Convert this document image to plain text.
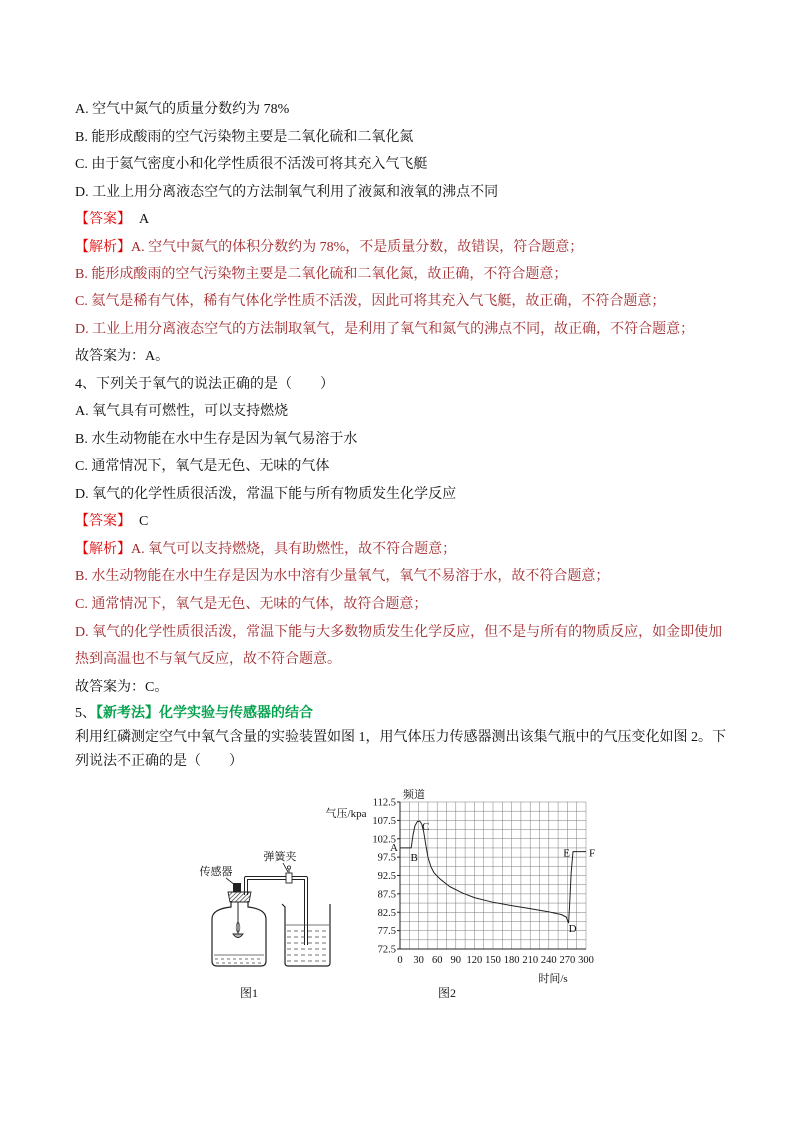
A. 空气中氮气的质量分数约为 78%
B. 能形成酸雨的空气污染物主要是二氧化硫和二氧化氮
C. 由于氦气密度小和化学性质很不活泼可将其充入气飞艇
D. 工业上用分离液态空气的方法制氧气利用了液氮和液氧的沸点不同
【答案】 A
【解析】A. 空气中氮气的体积分数约为 78%，不是质量分数，故错误，符合题意；
B. 能形成酸雨的空气污染物主要是二氧化硫和二氧化氮，故正确，不符合题意；
C. 氦气是稀有气体，稀有气体化学性质不活泼，因此可将其充入气飞艇，故正确，不符合题意；
D. 工业上用分离液态空气的方法制取氧气，是利用了氧气和氮气的沸点不同，故正确，不符合题意；
故答案为：A。
4、下列关于氧气的说法正确的是（　　）
A. 氧气具有可燃性，可以支持燃烧
B. 水生动物能在水中生存是因为氧气易溶于水
C. 通常情况下，氧气是无色、无味的气体
D. 氧气的化学性质很活泼，常温下能与所有物质发生化学反应
【答案】 C
【解析】A. 氧气可以支持燃烧，具有助燃性，故不符合题意；
B. 水生动物能在水中生存是因为水中溶有少量氧气，氧气不易溶于水，故不符合题意；
C. 通常情况下，氧气是无色、无味的气体，故符合题意；
D. 氧气的化学性质很活泼，常温下能与大多数物质发生化学反应，但不是与所有的物质反应，如金即使加
热到高温也不与氧气反应，故不符合题意。
故答案为：C。
5、【新考法】化学实验与传感器的结合
利用红磷测定空气中氧气含量的实验装置如图 1，用气体压力传感器测出该集气瓶中的气压变化如图 2。下
列说法不正确的是（　　）
传感器
弹簧夹
图1
频道
气压/kpa
时间/s
112.5
107.5
102.5
97.5
92.5
87.5
82.5
77.5
72.5
0 30 60 90 120 150 180 210 240 270 300
A
B
C
D
E F
图2
